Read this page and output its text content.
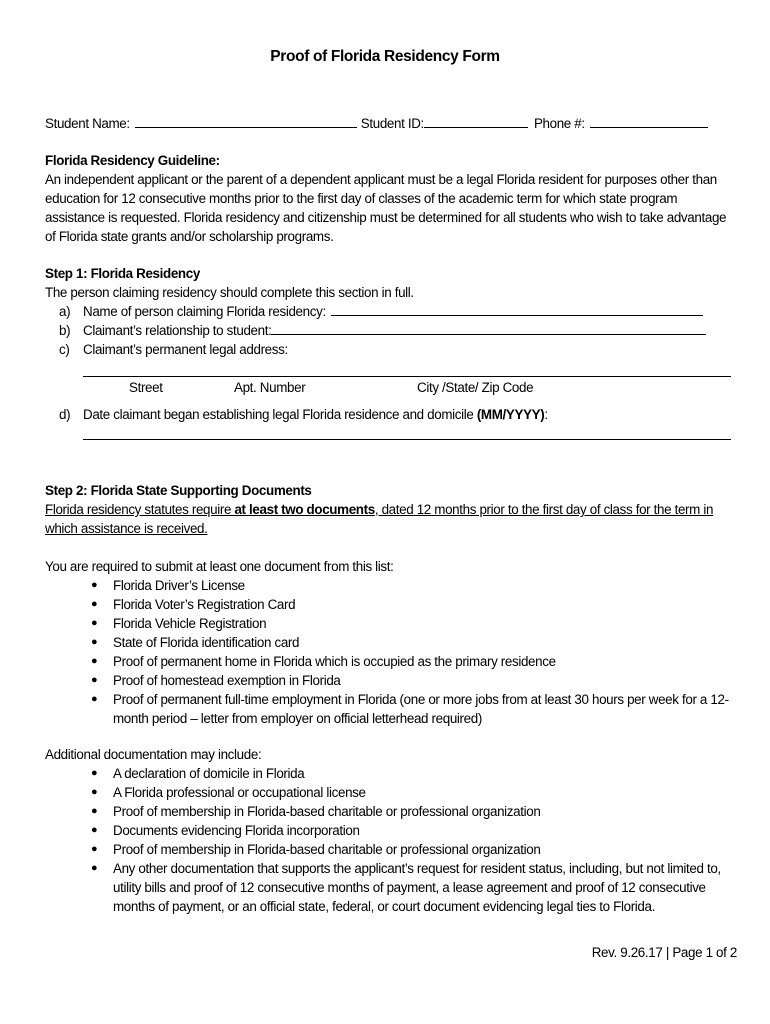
Proof of Florida Residency Form
Student Name:	Student ID:	Phone #:
Florida Residency Guideline:
An independent applicant or the parent of a dependent applicant must be a legal Florida resident for purposes other than education for 12 consecutive months prior to the first day of classes of the academic term for which state program assistance is requested. Florida residency and citizenship must be determined for all students who wish to take advantage of Florida state grants and/or scholarship programs.
Step 1: Florida Residency
The person claiming residency should complete this section in full.
a) Name of person claiming Florida residency:
b) Claimant’s relationship to student:
c) Claimant’s permanent legal address:
Street	Apt. Number	City /State/ Zip Code
d) Date claimant began establishing legal Florida residence and domicile (MM/YYYY):
Step 2: Florida State Supporting Documents
Florida residency statutes require at least two documents, dated 12 months prior to the first day of class for the term in which assistance is received.
You are required to submit at least one document from this list:
● Florida Driver’s License
● Florida Voter’s Registration Card
● Florida Vehicle Registration
● State of Florida identification card
● Proof of permanent home in Florida which is occupied as the primary residence
● Proof of homestead exemption in Florida
● Proof of permanent full-time employment in Florida (one or more jobs from at least 30 hours per week for a 12-month period – letter from employer on official letterhead required)
Additional documentation may include:
● A declaration of domicile in Florida
● A Florida professional or occupational license
● Proof of membership in Florida-based charitable or professional organization
● Documents evidencing Florida incorporation
● Proof of membership in Florida-based charitable or professional organization
● Any other documentation that supports the applicant’s request for resident status, including, but not limited to, utility bills and proof of 12 consecutive months of payment, a lease agreement and proof of 12 consecutive months of payment, or an official state, federal, or court document evidencing legal ties to Florida.
Rev. 9.26.17 | Page 1 of 2
